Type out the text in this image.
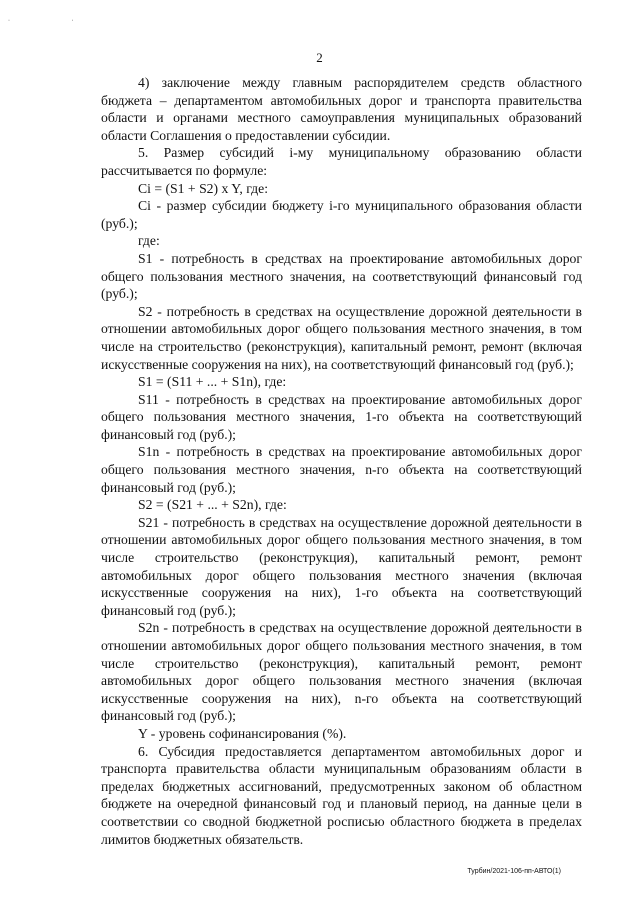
· ·
2

4) заключение между главным распорядителем средств областного бюджета – департаментом автомобильных дорог и транспорта правительства области и органами местного самоуправления муниципальных образований области Соглашения о предоставлении субсидии.

5. Размер субсидий i-му муниципальному образованию области рассчитывается по формуле:

Ci = (S1 + S2) x Y, где:

Ci - размер субсидии бюджету i-го муниципального образования области (руб.);

где:

S1 - потребность в средствах на проектирование автомобильных дорог общего пользования местного значения, на соответствующий финансовый год (руб.);

S2 - потребность в средствах на осуществление дорожной деятельности в отношении автомобильных дорог общего пользования местного значения, в том числе на строительство (реконструкция), капитальный ремонт, ремонт (включая искусственные сооружения на них), на соответствующий финансовый год (руб.);

S1 = (S11 + ... + S1n), где:

S11 - потребность в средствах на проектирование автомобильных дорог общего пользования местного значения, 1-го объекта на соответствующий финансовый год (руб.);

S1n - потребность в средствах на проектирование автомобильных дорог общего пользования местного значения, n-го объекта на соответствующий финансовый год (руб.);

S2 = (S21 + ... + S2n), где:

S21 - потребность в средствах на осуществление дорожной деятельности в отношении автомобильных дорог общего пользования местного значения, в том числе строительство (реконструкция), капитальный ремонт, ремонт автомобильных дорог общего пользования местного значения (включая искусственные сооружения на них), 1-го объекта на соответствующий финансовый год (руб.);

S2n - потребность в средствах на осуществление дорожной деятельности в отношении автомобильных дорог общего пользования местного значения, в том числе строительство (реконструкция), капитальный ремонт, ремонт автомобильных дорог общего пользования местного значения (включая искусственные сооружения на них), n-го объекта на соответствующий финансовый год (руб.);

Y - уровень софинансирования (%).

6. Субсидия предоставляется департаментом автомобильных дорог и транспорта правительства области муниципальным образованиям области в пределах бюджетных ассигнований, предусмотренных законом об областном бюджете на очередной финансовый год и плановый период, на данные цели в соответствии со сводной бюджетной росписью областного бюджета в пределах лимитов бюджетных обязательств.

Турбин/2021-106-пп-АВТО(1)
